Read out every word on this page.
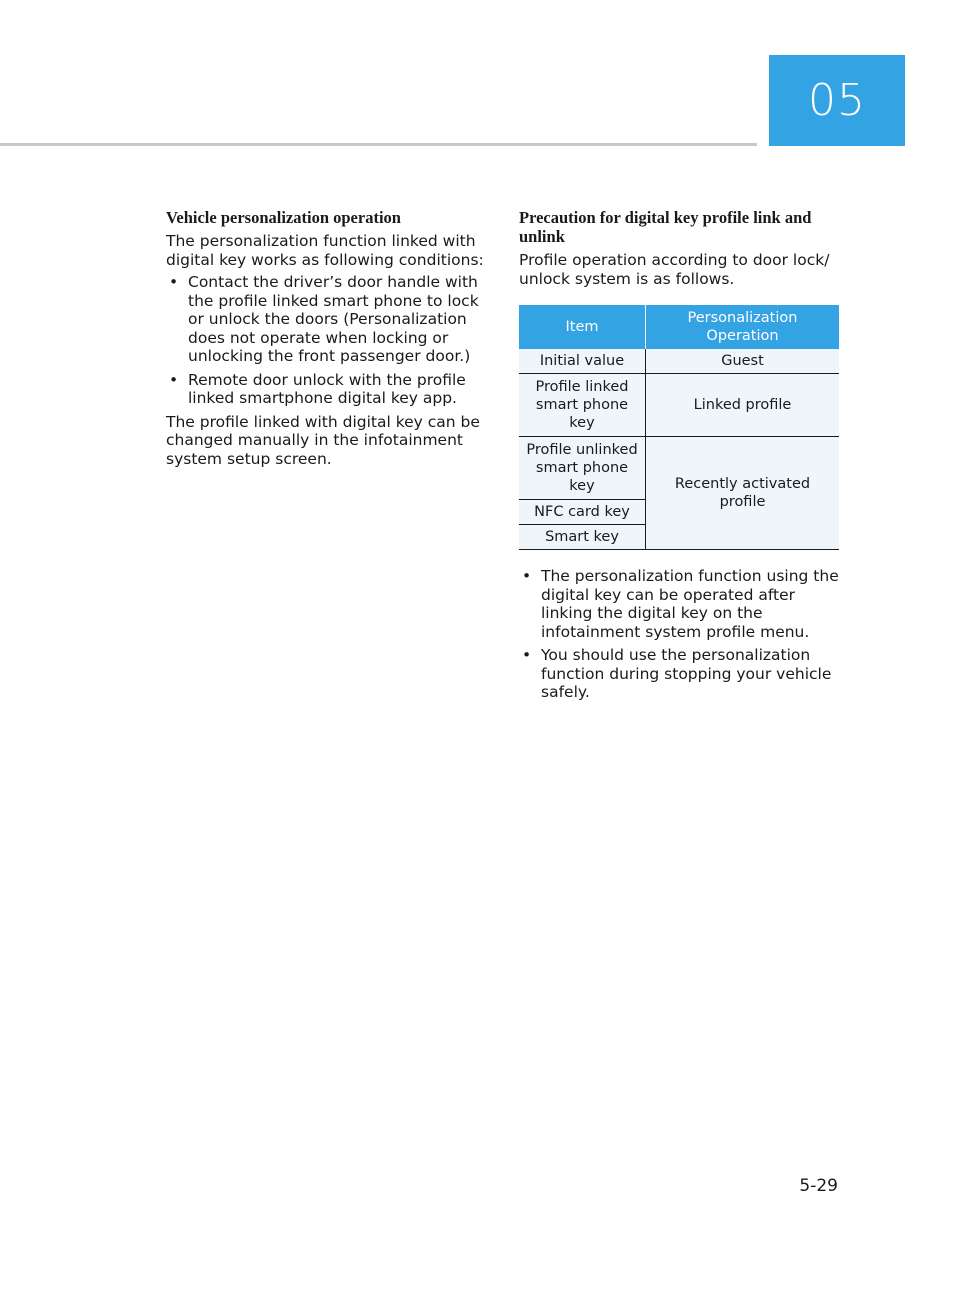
05

Vehicle personalization operation

The personalization function linked with digital key works as following conditions:

• Contact the driver’s door handle with the profile linked smart phone to lock or unlock the doors (Personalization does not operate when locking or unlocking the front passenger door.)
• Remote door unlock with the profile linked smartphone digital key app.

The profile linked with digital key can be changed manually in the infotainment system setup screen.

Precaution for digital key profile link and unlink

Profile operation according to door lock/ unlock system is as follows.

Item	Personalization Operation
Initial value	Guest
Profile linked smart phone key	Linked profile
Profile unlinked smart phone key	Recently activated profile
NFC card key	
Smart key	
• The personalization function using the digital key can be operated after linking the digital key on the infotainment system profile menu.
• You should use the personalization function during stopping your vehicle safely.
5-29
